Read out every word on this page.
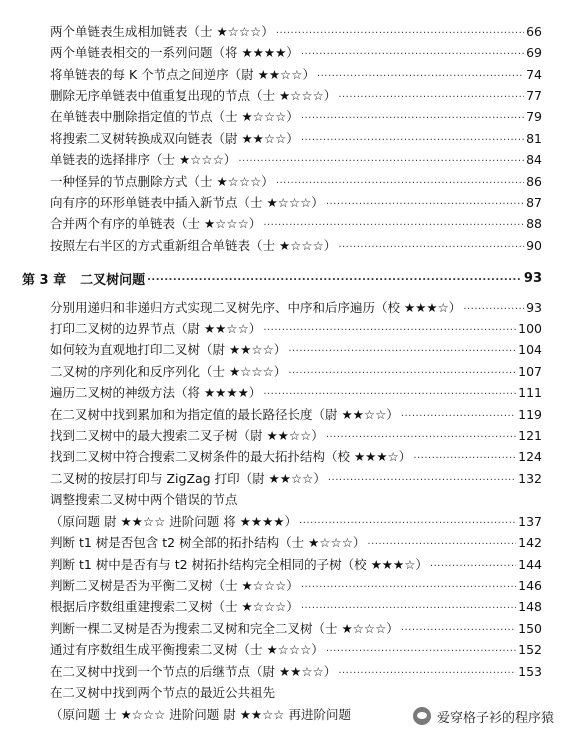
两个单链表生成相加链表（士 ★☆☆☆） .....	66
两个单链表相交的一系列问题（将 ★★★★） .....	69
将单链表的每 K 个节点之间逆序（尉 ★★☆☆） .....	74
删除无序单链表中值重复出现的节点（士 ★☆☆☆） .....	77
在单链表中删除指定值的节点（士 ★☆☆☆） .....	79
将搜索二叉树转换成双向链表（尉 ★★☆☆） .....	81
单链表的选择排序（士 ★☆☆☆） .....	84
一种怪异的节点删除方式（士 ★☆☆☆） .....	86
向有序的环形单链表中插入新节点（士 ★☆☆☆） .....	87
合并两个有序的单链表（士 ★☆☆☆） .....	88
按照左右半区的方式重新组合单链表（士 ★☆☆☆） .....	90
第 3 章 二叉树问题 .....	93
分别用递归和非递归方式实现二叉树先序、中序和后序遍历（校 ★★★☆） .....	93
打印二叉树的边界节点（尉 ★★☆☆） .....	100
如何较为直观地打印二叉树（尉 ★★☆☆） .....	104
二叉树的序列化和反序列化（士 ★☆☆☆） .....	107
遍历二叉树的神级方法（将 ★★★★） .....	111
在二叉树中找到累加和为指定值的最长路径长度（尉 ★★☆☆） .....	119
找到二叉树中的最大搜索二叉子树（尉 ★★☆☆） .....	121
找到二叉树中符合搜索二叉树条件的最大拓扑结构（校 ★★★☆） .....	124
二叉树的按层打印与 ZigZag 打印（尉 ★★☆☆） .....	132
调整搜索二叉树中两个错误的节点
（原问题 尉 ★★☆☆ 进阶问题 将 ★★★★） .....	137
判断 t1 树是否包含 t2 树全部的拓扑结构（士 ★☆☆☆） .....	142
判断 t1 树中是否有与 t2 树拓扑结构完全相同的子树（校 ★★★☆） .....	144
判断二叉树是否为平衡二叉树（士 ★☆☆☆） .....	146
根据后序数组重建搜索二叉树（士 ★☆☆☆） .....	148
判断一棵二叉树是否为搜索二叉树和完全二叉树（士 ★☆☆☆） .....	150
通过有序数组生成平衡搜索二叉树（士 ★☆☆☆） .....	152
在二叉树中找到一个节点的后继节点（尉 ★★☆☆） .....	153
在二叉树中找到两个节点的最近公共祖先
（原问题 士 ★☆☆☆ 进阶问题 尉 ★★☆☆ 再进阶问题	爱穿格子衫的程序猿
